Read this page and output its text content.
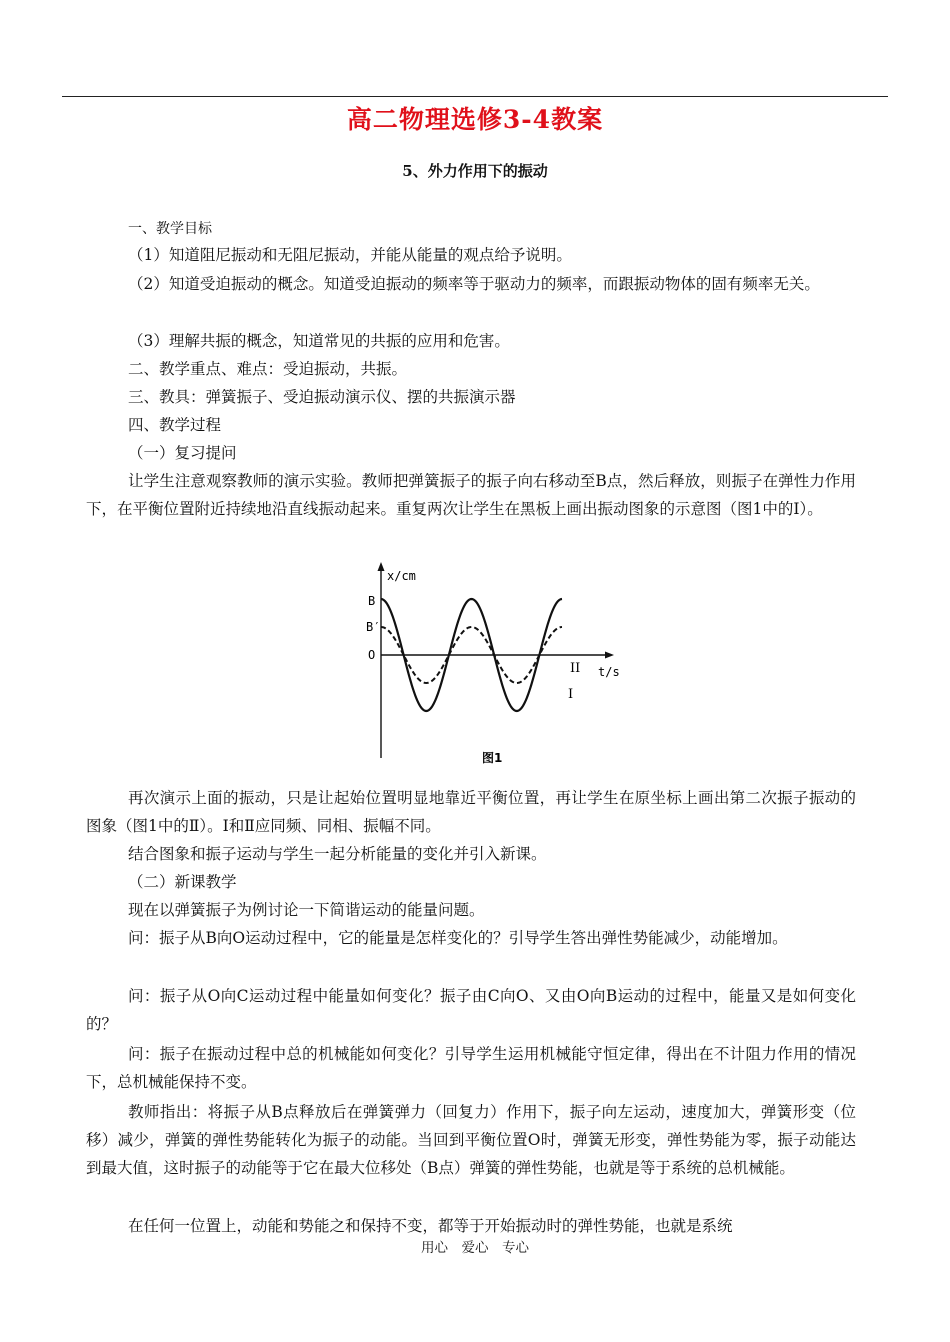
高二物理选修3-4教案
5、外力作用下的振动

一、教学目标

（1）知道阻尼振动和无阻尼振动，并能从能量的观点给予说明。

（2）知道受迫振动的概念。知道受迫振动的频率等于驱动力的频率，而跟振动物体的固有频率无关。

（3）理解共振的概念，知道常见的共振的应用和危害。

二、教学重点、难点：受迫振动，共振。

三、教具：弹簧振子、受迫振动演示仪、摆的共振演示器

四、教学过程

（一）复习提问

让学生注意观察教师的演示实验。教师把弹簧振子的振子向右移动至B点，然后释放，则振子在弹性力作用下，在平衡位置附近持续地沿直线振动起来。重复两次让学生在黑板上画出振动图象的示意图（图1中的Ⅰ）。

x/cm
t/s
B
B′
O
II
I
图1

再次演示上面的振动，只是让起始位置明显地靠近平衡位置，再让学生在原坐标上画出第二次振子振动的图象（图1中的Ⅱ）。Ⅰ和Ⅱ应同频、同相、振幅不同。

结合图象和振子运动与学生一起分析能量的变化并引入新课。

（二）新课教学

现在以弹簧振子为例讨论一下简谐运动的能量问题。

问：振子从B向O运动过程中，它的能量是怎样变化的？引导学生答出弹性势能减少，动能增加。

问：振子从O向C运动过程中能量如何变化？振子由C向O、又由O向B运动的过程中，能量又是如何变化的？

问：振子在振动过程中总的机械能如何变化？引导学生运用机械能守恒定律，得出在不计阻力作用的情况下，总机械能保持不变。

教师指出：将振子从B点释放后在弹簧弹力（回复力）作用下，振子向左运动，速度加大，弹簧形变（位移）减少，弹簧的弹性势能转化为振子的动能。当回到平衡位置O时，弹簧无形变，弹性势能为零，振子动能达到最大值，这时振子的动能等于它在最大位移处（B点）弹簧的弹性势能，也就是等于系统的总机械能。

在任何一位置上，动能和势能之和保持不变，都等于开始振动时的弹性势能，也就是系统

用心　爱心　专心
